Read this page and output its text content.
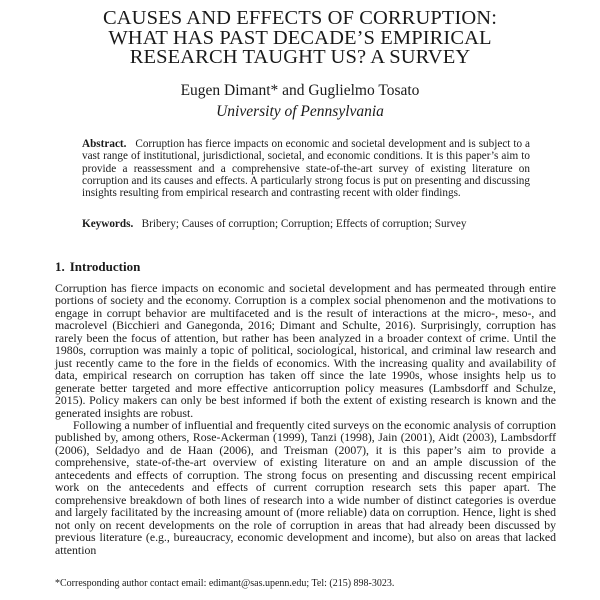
CAUSES AND EFFECTS OF CORRUPTION:
WHAT HAS PAST DECADE’S EMPIRICAL
RESEARCH TAUGHT US? A SURVEY
Eugen Dimant* and Guglielmo Tosato
University of Pennsylvania
Abstract. Corruption has fierce impacts on economic and societal development and is subject to a vast range of institutional, jurisdictional, societal, and economic conditions. It is this paper’s aim to provide a reassessment and a comprehensive state-of-the-art survey of existing literature on corruption and its causes and effects. A particularly strong focus is put on presenting and discussing insights resulting from empirical research and contrasting recent with older findings.
Keywords. Bribery; Causes of corruption; Corruption; Effects of corruption; Survey
1. Introduction

Corruption has fierce impacts on economic and societal development and has permeated through entire portions of society and the economy. Corruption is a complex social phenomenon and the motivations to engage in corrupt behavior are multifaceted and is the result of interactions at the micro-, meso-, and macrolevel (Bicchieri and Ganegonda, 2016; Dimant and Schulte, 2016). Surprisingly, corruption has rarely been the focus of attention, but rather has been analyzed in a broader context of crime. Until the 1980s, corruption was mainly a topic of political, sociological, historical, and criminal law research and just recently came to the fore in the fields of economics. With the increasing quality and availability of data, empirical research on corruption has taken off since the late 1990s, whose insights help us to generate better targeted and more effective anticorruption policy measures (Lambsdorff and Schulze, 2015). Policy makers can only be best informed if both the extent of existing research is known and the generated insights are robust.

Following a number of influential and frequently cited surveys on the economic analysis of corruption published by, among others, Rose-Ackerman (1999), Tanzi (1998), Jain (2001), Aidt (2003), Lambsdorff (2006), Seldadyo and de Haan (2006), and Treisman (2007), it is this paper’s aim to provide a comprehensive, state-of-the-art overview of existing literature on and an ample discussion of the antecedents and effects of corruption. The strong focus on presenting and discussing recent empirical work on the antecedents and effects of current corruption research sets this paper apart. The comprehensive breakdown of both lines of research into a wide number of distinct categories is overdue and largely facilitated by the increasing amount of (more reliable) data on corruption. Hence, light is shed not only on recent developments on the role of corruption in areas that had already been discussed by previous literature (e.g., bureaucracy, economic development and income), but also on areas that lacked attention

*Corresponding author contact email: edimant@sas.upenn.edu; Tel: (215) 898-3023.
